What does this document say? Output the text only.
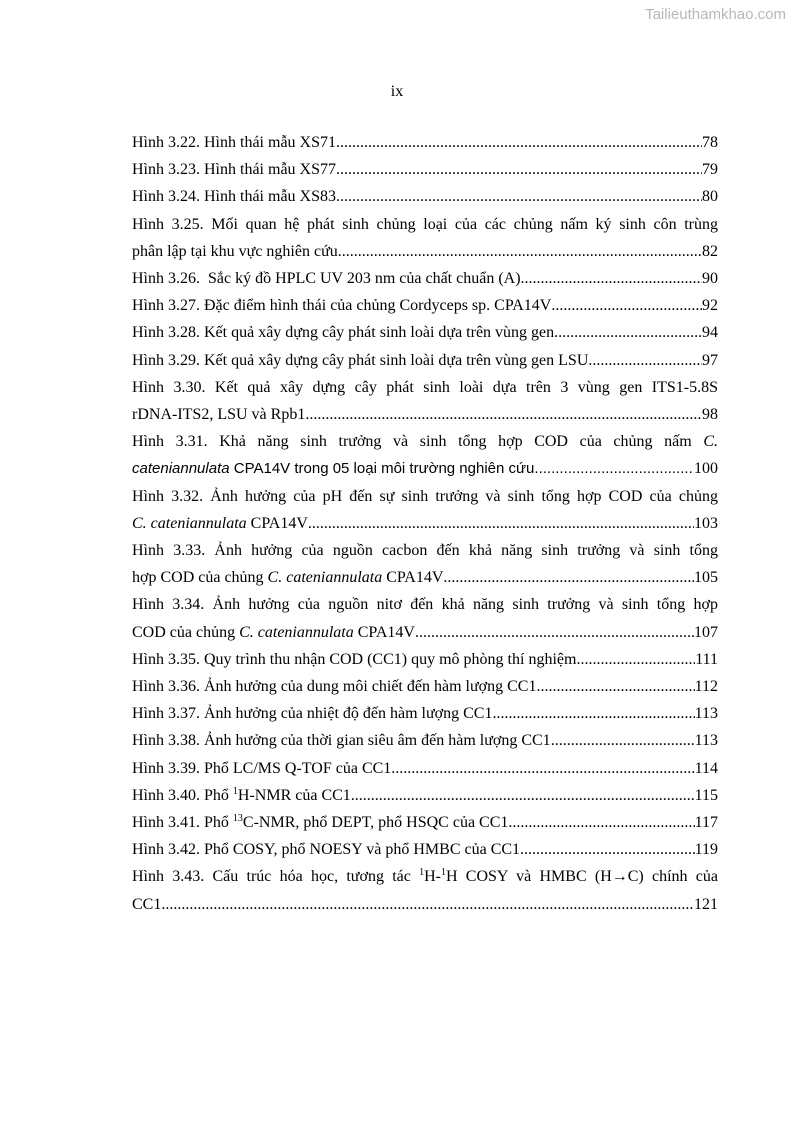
Tailieuthamkhao.com
ix
Hình 3.22. Hình thái mẫu XS71 .....	78
Hình 3.23. Hình thái mẫu XS77 .....	79
Hình 3.24. Hình thái mẫu XS83 .....	80
Hình 3.25. Mối quan hệ phát sinh chủng loại của các chủng nấm ký sinh côn trùng
phân lập tại khu vực nghiên cứu .....	82
Hình 3.26.  Sắc ký đồ HPLC UV 203 nm của chất chuẩn (A) .....	90
Hình 3.27. Đặc điểm hình thái của chủng Cordyceps sp. CPA14V .....	92
Hình 3.28. Kết quả xây dựng cây phát sinh loài dựa trên vùng gen .....	94
Hình 3.29. Kết quả xây dựng cây phát sinh loài dựa trên vùng gen LSU .....	97
Hình 3.30. Kết quả xây dựng cây phát sinh loài dựa trên 3 vùng gen ITS1-5.8S
rDNA-ITS2, LSU và Rpb1 .....	98
Hình 3.31. Khả năng sinh trưởng và sinh tổng hợp COD của chủng nấm C.
cateniannulata CPA14V trong 05 loại môi trường nghiên cứu .....	100
Hình 3.32. Ảnh hưởng của pH đến sự sinh trưởng và sinh tổng hợp COD của chủng
C. cateniannulata CPA14V .....	103
Hình 3.33. Ảnh hưởng của nguồn cacbon đến khả năng sinh trưởng và sinh tổng
hợp COD của chủng C. cateniannulata CPA14V .....	105
Hình 3.34. Ảnh hưởng của nguồn nitơ đến khả năng sinh trưởng và sinh tổng hợp
COD của chủng C. cateniannulata CPA14V .....	107
Hình 3.35. Quy trình thu nhận COD (CC1) quy mô phòng thí nghiệm .....	111
Hình 3.36. Ảnh hưởng của dung môi chiết đến hàm lượng CC1 .....	112
Hình 3.37. Ảnh hưởng của nhiệt độ đến hàm lượng CC1 .....	113
Hình 3.38. Ảnh hưởng của thời gian siêu âm đến hàm lượng CC1 .....	113
Hình 3.39. Phổ LC/MS Q-TOF của CC1 .....	114
Hình 3.40. Phổ $^1$H-NMR của CC1 .....	115
Hình 3.41. Phổ $^{13}$C-NMR, phổ DEPT, phổ HSQC của CC1 .....	117
Hình 3.42. Phổ COSY, phổ NOESY và phổ HMBC của CC1 .....	119
Hình 3.43. Cấu trúc hóa học, tương tác $^1$H-$^1$H COSY và HMBC (H→C) chính của
CC1 .....	121
